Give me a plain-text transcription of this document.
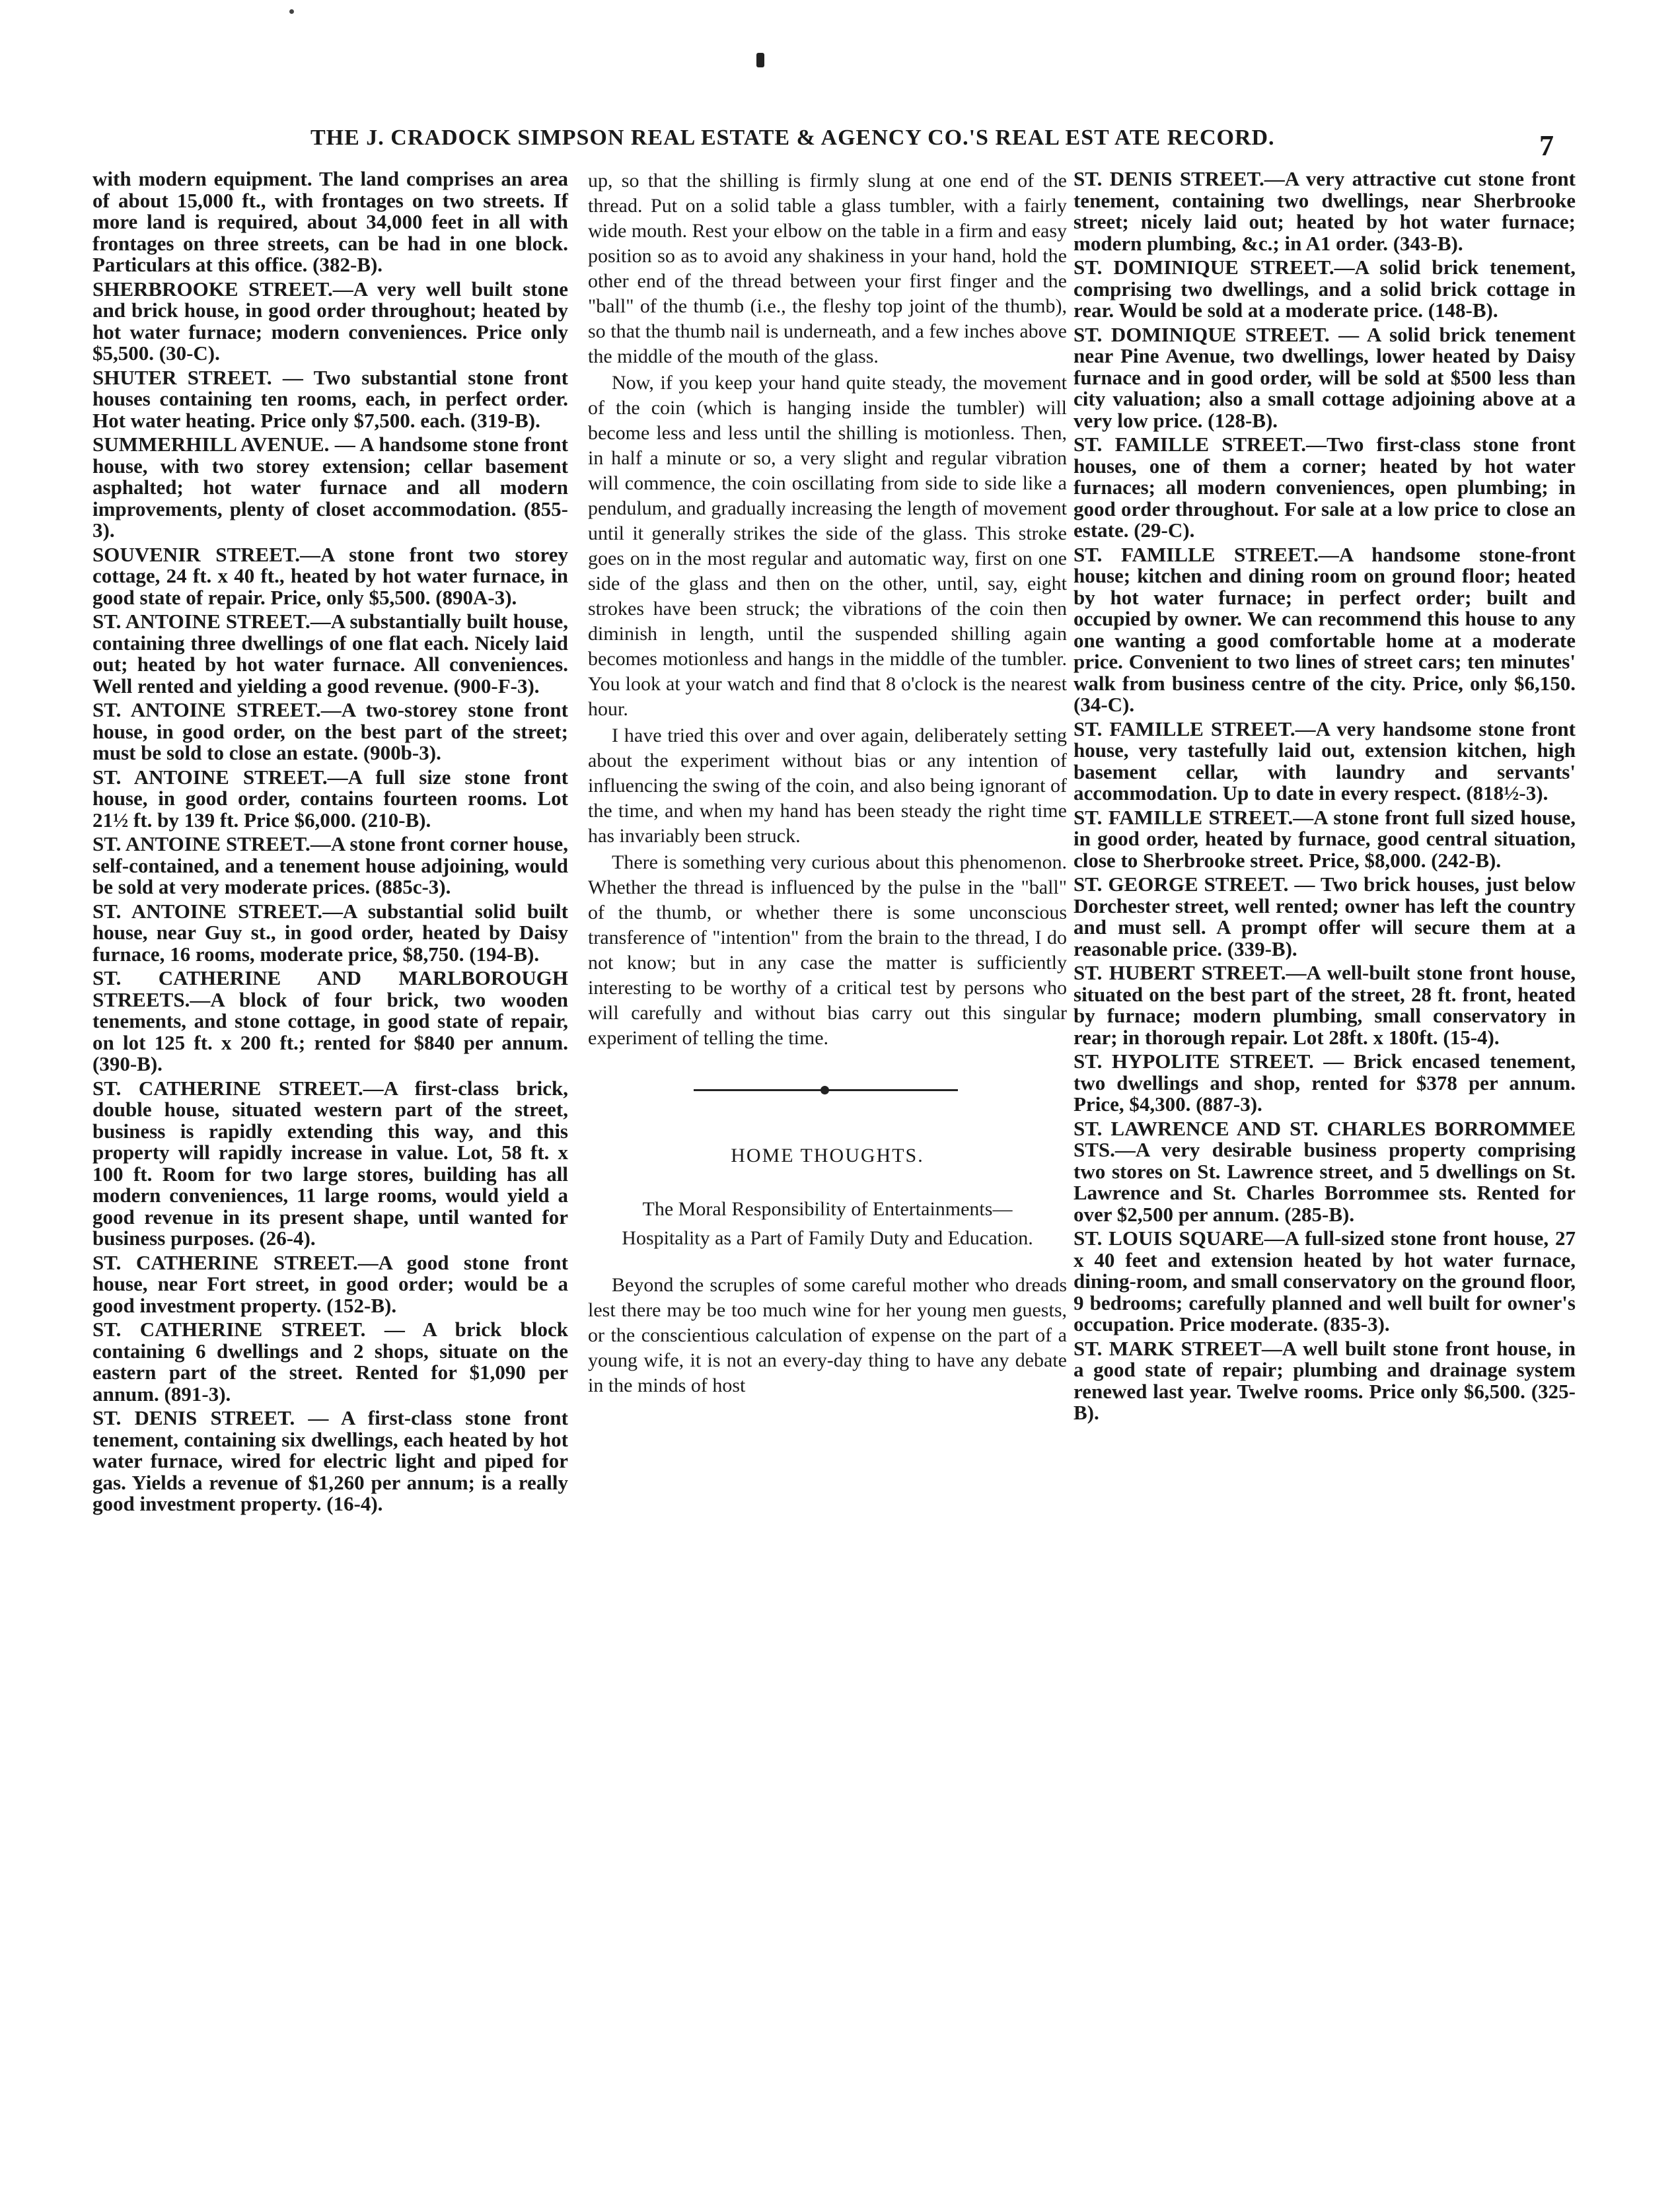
THE J. CRADOCK SIMPSON REAL ESTATE & AGENCY CO.'S REAL EST ATE RECORD.	7

with modern equipment. The land comprises an area of about 15,000 ft., with frontages on two streets. If more land is required, about 34,000 feet in all with frontages on three streets, can be had in one block. Particulars at this office. (382-B).

SHERBROOKE STREET.—A very well built stone and brick house, in good order throughout; heated by hot water furnace; modern conveniences. Price only $5,500. (30-C).

SHUTER STREET. — Two substantial stone front houses containing ten rooms, each, in perfect order. Hot water heating. Price only $7,500. each. (319-B).

SUMMERHILL AVENUE. — A handsome stone front house, with two storey extension; cellar basement asphalted; hot water furnace and all modern improvements, plenty of closet accommodation. (855-3).

SOUVENIR STREET.—A stone front two storey cottage, 24 ft. x 40 ft., heated by hot water furnace, in good state of repair. Price, only $5,500. (890A-3).

ST. ANTOINE STREET.—A substantially built house, containing three dwellings of one flat each. Nicely laid out; heated by hot water furnace. All conveniences. Well rented and yielding a good revenue. (900-F-3).

ST. ANTOINE STREET.—A two-storey stone front house, in good order, on the best part of the street; must be sold to close an estate. (900b-3).

ST. ANTOINE STREET.—A full size stone front house, in good order, contains fourteen rooms. Lot 21½ ft. by 139 ft. Price $6,000. (210-B).

ST. ANTOINE STREET.—A stone front corner house, self-contained, and a tenement house adjoining, would be sold at very moderate prices. (885c-3).

ST. ANTOINE STREET.—A substantial solid built house, near Guy st., in good order, heated by Daisy furnace, 16 rooms, moderate price, $8,750. (194-B).

ST. CATHERINE AND MARLBOROUGH STREETS.—A block of four brick, two wooden tenements, and stone cottage, in good state of repair, on lot 125 ft. x 200 ft.; rented for $840 per annum. (390-B).

ST. CATHERINE STREET.—A first-class brick, double house, situated western part of the street, business is rapidly extending this way, and this property will rapidly increase in value. Lot, 58 ft. x 100 ft. Room for two large stores, building has all modern conveniences, 11 large rooms, would yield a good revenue in its present shape, until wanted for business purposes. (26-4).

ST. CATHERINE STREET.—A good stone front house, near Fort street, in good order; would be a good investment property. (152-B).

ST. CATHERINE STREET. — A brick block containing 6 dwellings and 2 shops, situate on the eastern part of the street. Rented for $1,090 per annum. (891-3).

ST. DENIS STREET. — A first-class stone front tenement, containing six dwellings, each heated by hot water furnace, wired for electric light and piped for gas. Yields a revenue of $1,260 per annum; is a really good investment property. (16-4).

up, so that the shilling is firmly slung at one end of the thread. Put on a solid table a glass tumbler, with a fairly wide mouth. Rest your elbow on the table in a firm and easy position so as to avoid any shakiness in your hand, hold the other end of the thread between your first finger and the "ball" of the thumb (i.e., the fleshy top joint of the thumb), so that the thumb nail is underneath, and a few inches above the middle of the mouth of the glass.

Now, if you keep your hand quite steady, the movement of the coin (which is hanging inside the tumbler) will become less and less until the shilling is motionless. Then, in half a minute or so, a very slight and regular vibration will commence, the coin oscillating from side to side like a pendulum, and gradually increasing the length of movement until it generally strikes the side of the glass. This stroke goes on in the most regular and automatic way, first on one side of the glass and then on the other, until, say, eight strokes have been struck; the vibrations of the coin then diminish in length, until the suspended shilling again becomes motionless and hangs in the middle of the tumbler. You look at your watch and find that 8 o'clock is the nearest hour.

I have tried this over and over again, deliberately setting about the experiment without bias or any intention of influencing the swing of the coin, and also being ignorant of the time, and when my hand has been steady the right time has invariably been struck.

There is something very curious about this phenomenon. Whether the thread is influenced by the pulse in the "ball" of the thumb, or whether there is some unconscious transference of "intention" from the brain to the thread, I do not know; but in any case the matter is sufficiently interesting to be worthy of a critical test by persons who will carefully and without bias carry out this singular experiment of telling the time.

HOME THOUGHTS.
The Moral Responsibility of Entertainments—Hospitality as a Part of Family Duty and Education.

Beyond the scruples of some careful mother who dreads lest there may be too much wine for her young men guests, or the conscientious calculation of expense on the part of a young wife, it is not an every-day thing to have any debate in the minds of host

ST. DENIS STREET.—A very attractive cut stone front tenement, containing two dwellings, near Sherbrooke street; nicely laid out; heated by hot water furnace; modern plumbing, &c.; in A1 order. (343-B).

ST. DOMINIQUE STREET.—A solid brick tenement, comprising two dwellings, and a solid brick cottage in rear. Would be sold at a moderate price. (148-B).

ST. DOMINIQUE STREET. — A solid brick tenement near Pine Avenue, two dwellings, lower heated by Daisy furnace and in good order, will be sold at $500 less than city valuation; also a small cottage adjoining above at a very low price. (128-B).

ST. FAMILLE STREET.—Two first-class stone front houses, one of them a corner; heated by hot water furnaces; all modern conveniences, open plumbing; in good order throughout. For sale at a low price to close an estate. (29-C).

ST. FAMILLE STREET.—A handsome stone-front house; kitchen and dining room on ground floor; heated by hot water furnace; in perfect order; built and occupied by owner. We can recommend this house to any one wanting a good comfortable home at a moderate price. Convenient to two lines of street cars; ten minutes' walk from business centre of the city. Price, only $6,150. (34-C).

ST. FAMILLE STREET.—A very handsome stone front house, very tastefully laid out, extension kitchen, high basement cellar, with laundry and servants' accommodation. Up to date in every respect. (818½-3).

ST. FAMILLE STREET.—A stone front full sized house, in good order, heated by furnace, good central situation, close to Sherbrooke street. Price, $8,000. (242-B).

ST. GEORGE STREET. — Two brick houses, just below Dorchester street, well rented; owner has left the country and must sell. A prompt offer will secure them at a reasonable price. (339-B).

ST. HUBERT STREET.—A well-built stone front house, situated on the best part of the street, 28 ft. front, heated by furnace; modern plumbing, small conservatory in rear; in thorough repair. Lot 28ft. x 180ft. (15-4).

ST. HYPOLITE STREET. — Brick encased tenement, two dwellings and shop, rented for $378 per annum. Price, $4,300. (887-3).

ST. LAWRENCE AND ST. CHARLES BORROMMEE STS.—A very desirable business property comprising two stores on St. Lawrence street, and 5 dwellings on St. Lawrence and St. Charles Borrommee sts. Rented for over $2,500 per annum. (285-B).

ST. LOUIS SQUARE—A full-sized stone front house, 27 x 40 feet and extension heated by hot water furnace, dining-room, and small conservatory on the ground floor, 9 bedrooms; carefully planned and well built for owner's occupation. Price moderate. (835-3).

ST. MARK STREET—A well built stone front house, in a good state of repair; plumbing and drainage system renewed last year. Twelve rooms. Price only $6,500. (325-B).
